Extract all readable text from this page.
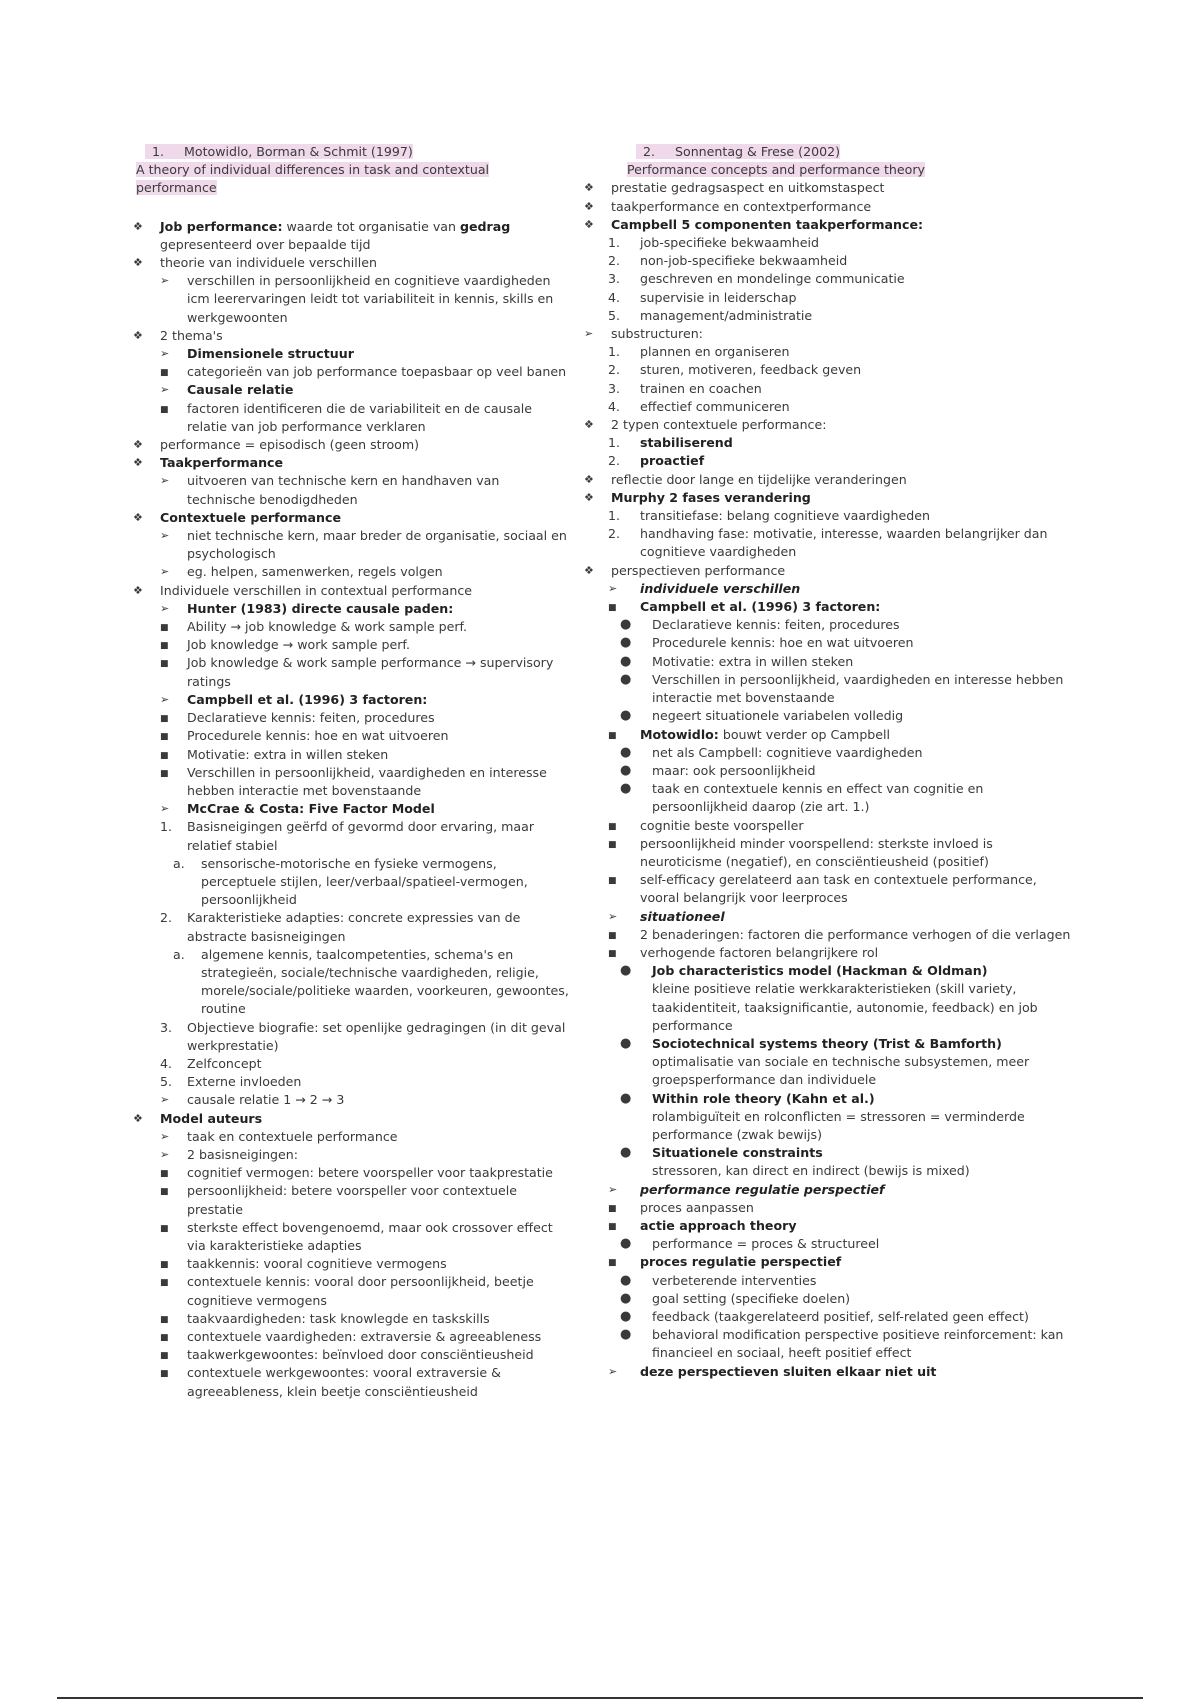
1. Motowidlo, Borman & Schmit (1997)
A theory of individual differences in task and contextual
performance
❖ Job performance: waarde tot organisatie van gedrag
gepresenteerd over bepaalde tijd
❖ theorie van individuele verschillen
➢ verschillen in persoonlijkheid en cognitieve vaardigheden icm leerervaringen leidt tot variabiliteit in kennis, skills en werkgewoonten
❖ 2 thema's
➢ Dimensionele structuur
■ categorieën van job performance toepasbaar op veel banen
➢ Causale relatie
■ factoren identificeren die de variabiliteit en de causale relatie van job performance verklaren
❖ performance = episodisch (geen stroom)
❖ Taakperformance
➢ uitvoeren van technische kern en handhaven van technische benodigdheden
❖ Contextuele performance
➢ niet technische kern, maar breder de organisatie, sociaal en psychologisch
➢ eg. helpen, samenwerken, regels volgen
❖ Individuele verschillen in contextual performance
➢ Hunter (1983) directe causale paden:
■ Ability → job knowledge & work sample perf.
■ Job knowledge → work sample perf.
■ Job knowledge & work sample performance → supervisory ratings
➢ Campbell et al. (1996) 3 factoren:
■ Declaratieve kennis: feiten, procedures
■ Procedurele kennis: hoe en wat uitvoeren
■ Motivatie: extra in willen steken
■ Verschillen in persoonlijkheid, vaardigheden en interesse hebben interactie met bovenstaande
➢ McCrae & Costa: Five Factor Model
1. Basisneigingen geërfd of gevormd door ervaring, maar relatief stabiel
a. sensorische-motorische en fysieke vermogens, perceptuele stijlen, leer/verbaal/spatieel-vermogen, persoonlijkheid
2. Karakteristieke adapties: concrete expressies van de abstracte basisneigingen
a. algemene kennis, taalcompetenties, schema's en strategieën, sociale/technische vaardigheden, religie, morele/sociale/politieke waarden, voorkeuren, gewoontes, routine
3. Objectieve biografie: set openlijke gedragingen (in dit geval werkprestatie)
4. Zelfconcept
5. Externe invloeden
➢ causale relatie 1 → 2 → 3
❖ Model auteurs
➢ taak en contextuele performance
➢ 2 basisneigingen:
■ cognitief vermogen: betere voorspeller voor taakprestatie
■ persoonlijkheid: betere voorspeller voor contextuele prestatie
■ sterkste effect bovengenoemd, maar ook crossover effect via karakteristieke adapties
■ taakkennis: vooral cognitieve vermogens
■ contextuele kennis: vooral door persoonlijkheid, beetje cognitieve vermogens
■ taakvaardigheden: task knowlegde en taskskills
■ contextuele vaardigheden: extraversie & agreeableness
■ taakwerkgewoontes: beïnvloed door consciëntieusheid
■ contextuele werkgewoontes: vooral extraversie & agreeableness, klein beetje consciëntieusheid
2. Sonnentag & Frese (2002)
Performance concepts and performance theory
❖ prestatie gedragsaspect en uitkomstaspect
❖ taakperformance en contextperformance
❖ Campbell 5 componenten taakperformance:
1. job-specifieke bekwaamheid
2. non-job-specifieke bekwaamheid
3. geschreven en mondelinge communicatie
4. supervisie in leiderschap
5. management/administratie
➢ substructuren:
1. plannen en organiseren
2. sturen, motiveren, feedback geven
3. trainen en coachen
4. effectief communiceren
❖ 2 typen contextuele performance:
1. stabiliserend
2. proactief
❖ reflectie door lange en tijdelijke veranderingen
❖ Murphy 2 fases verandering
1. transitiefase: belang cognitieve vaardigheden
2. handhaving fase: motivatie, interesse, waarden belangrijker dan cognitieve vaardigheden
❖ perspectieven performance
➢ individuele verschillen
■ Campbell et al. (1996) 3 factoren:
● Declaratieve kennis: feiten, procedures
● Procedurele kennis: hoe en wat uitvoeren
● Motivatie: extra in willen steken
● Verschillen in persoonlijkheid, vaardigheden en interesse hebben interactie met bovenstaande
● negeert situationele variabelen volledig
■ Motowidlo: bouwt verder op Campbell
● net als Campbell: cognitieve vaardigheden
● maar: ook persoonlijkheid
● taak en contextuele kennis en effect van cognitie en persoonlijkheid daarop (zie art. 1.)
■ cognitie beste voorspeller
■ persoonlijkheid minder voorspellend: sterkste invloed is neuroticisme (negatief), en consciëntieusheid (positief)
■ self-efficacy gerelateerd aan task en contextuele performance, vooral belangrijk voor leerproces
➢ situationeel
■ 2 benaderingen: factoren die performance verhogen of die verlagen
■ verhogende factoren belangrijkere rol
● Job characteristics model (Hackman & Oldman)
kleine positieve relatie werkkarakteristieken (skill variety, taakidentiteit, taaksignificantie, autonomie, feedback) en job performance
● Sociotechnical systems theory (Trist & Bamforth)
optimalisatie van sociale en technische subsystemen, meer groepsperformance dan individuele
● Within role theory (Kahn et al.)
rolambiguïteit en rolconflicten = stressoren = verminderde performance (zwak bewijs)
● Situationele constraints
stressoren, kan direct en indirect (bewijs is mixed)
➢ performance regulatie perspectief
■ proces aanpassen
■ actie approach theory
● performance = proces & structureel
■ proces regulatie perspectief
● verbeterende interventies
● goal setting (specifieke doelen)
● feedback (taakgerelateerd positief, self-related geen effect)
● behavioral modification perspective positieve reinforcement: kan financieel en sociaal, heeft positief effect
➢ deze perspectieven sluiten elkaar niet uit
